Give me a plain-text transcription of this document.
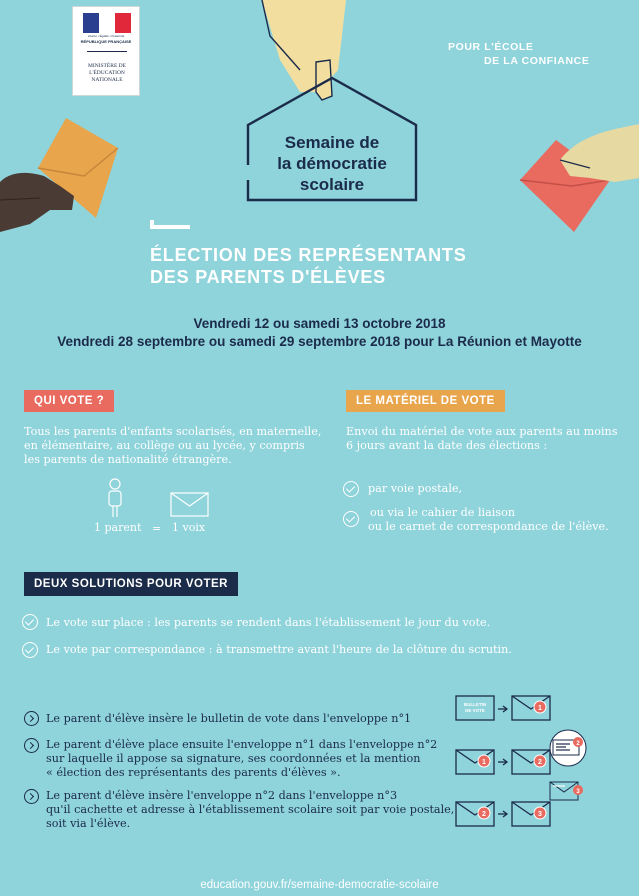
Liberté • Égalité • Fraternité
RÉPUBLIQUE FRANÇAISE
MINISTÈRE DE L'ÉDUCATION NATIONALE
POUR L'ÉCOLE
DE LA CONFIANCE
Semaine de
la démocratie
scolaire
ÉLECTION DES REPRÉSENTANTS
DES PARENTS D'ÉLÈVES
Vendredi 12 ou samedi 13 octobre 2018
Vendredi 28 septembre ou samedi 29 septembre 2018 pour La Réunion et Mayotte
QUI VOTE ?
Tous les parents d'enfants scolarisés, en maternelle, en élémentaire, au collège ou au lycée, y compris les parents de nationalité étrangère.
1 parent = 1 voix
LE MATÉRIEL DE VOTE
Envoi du matériel de vote aux parents au moins 6 jours avant la date des élections :
par voie postale,
ou via le cahier de liaison
ou le carnet de correspondance de l'élève.
DEUX SOLUTIONS POUR VOTER
Le vote sur place : les parents se rendent dans l'établissement le jour du vote.
Le vote par correspondance : à transmettre avant l'heure de la clôture du scrutin.
Le parent d'élève insère le bulletin de vote dans l'enveloppe n°1
Le parent d'élève place ensuite l'enveloppe n°1 dans l'enveloppe n°2
sur laquelle il appose sa signature, ses coordonnées et la mention
« élection des représentants des parents d'élèves ».
Le parent d'élève insère l'enveloppe n°2 dans l'enveloppe n°3
qu'il cachette et adresse à l'établissement scolaire soit par voie postale,
soit via l'élève.
BULLETIN
DE VOTE	1
1	2
2
2	3
3
education.gouv.fr/semaine-democratie-scolaire
